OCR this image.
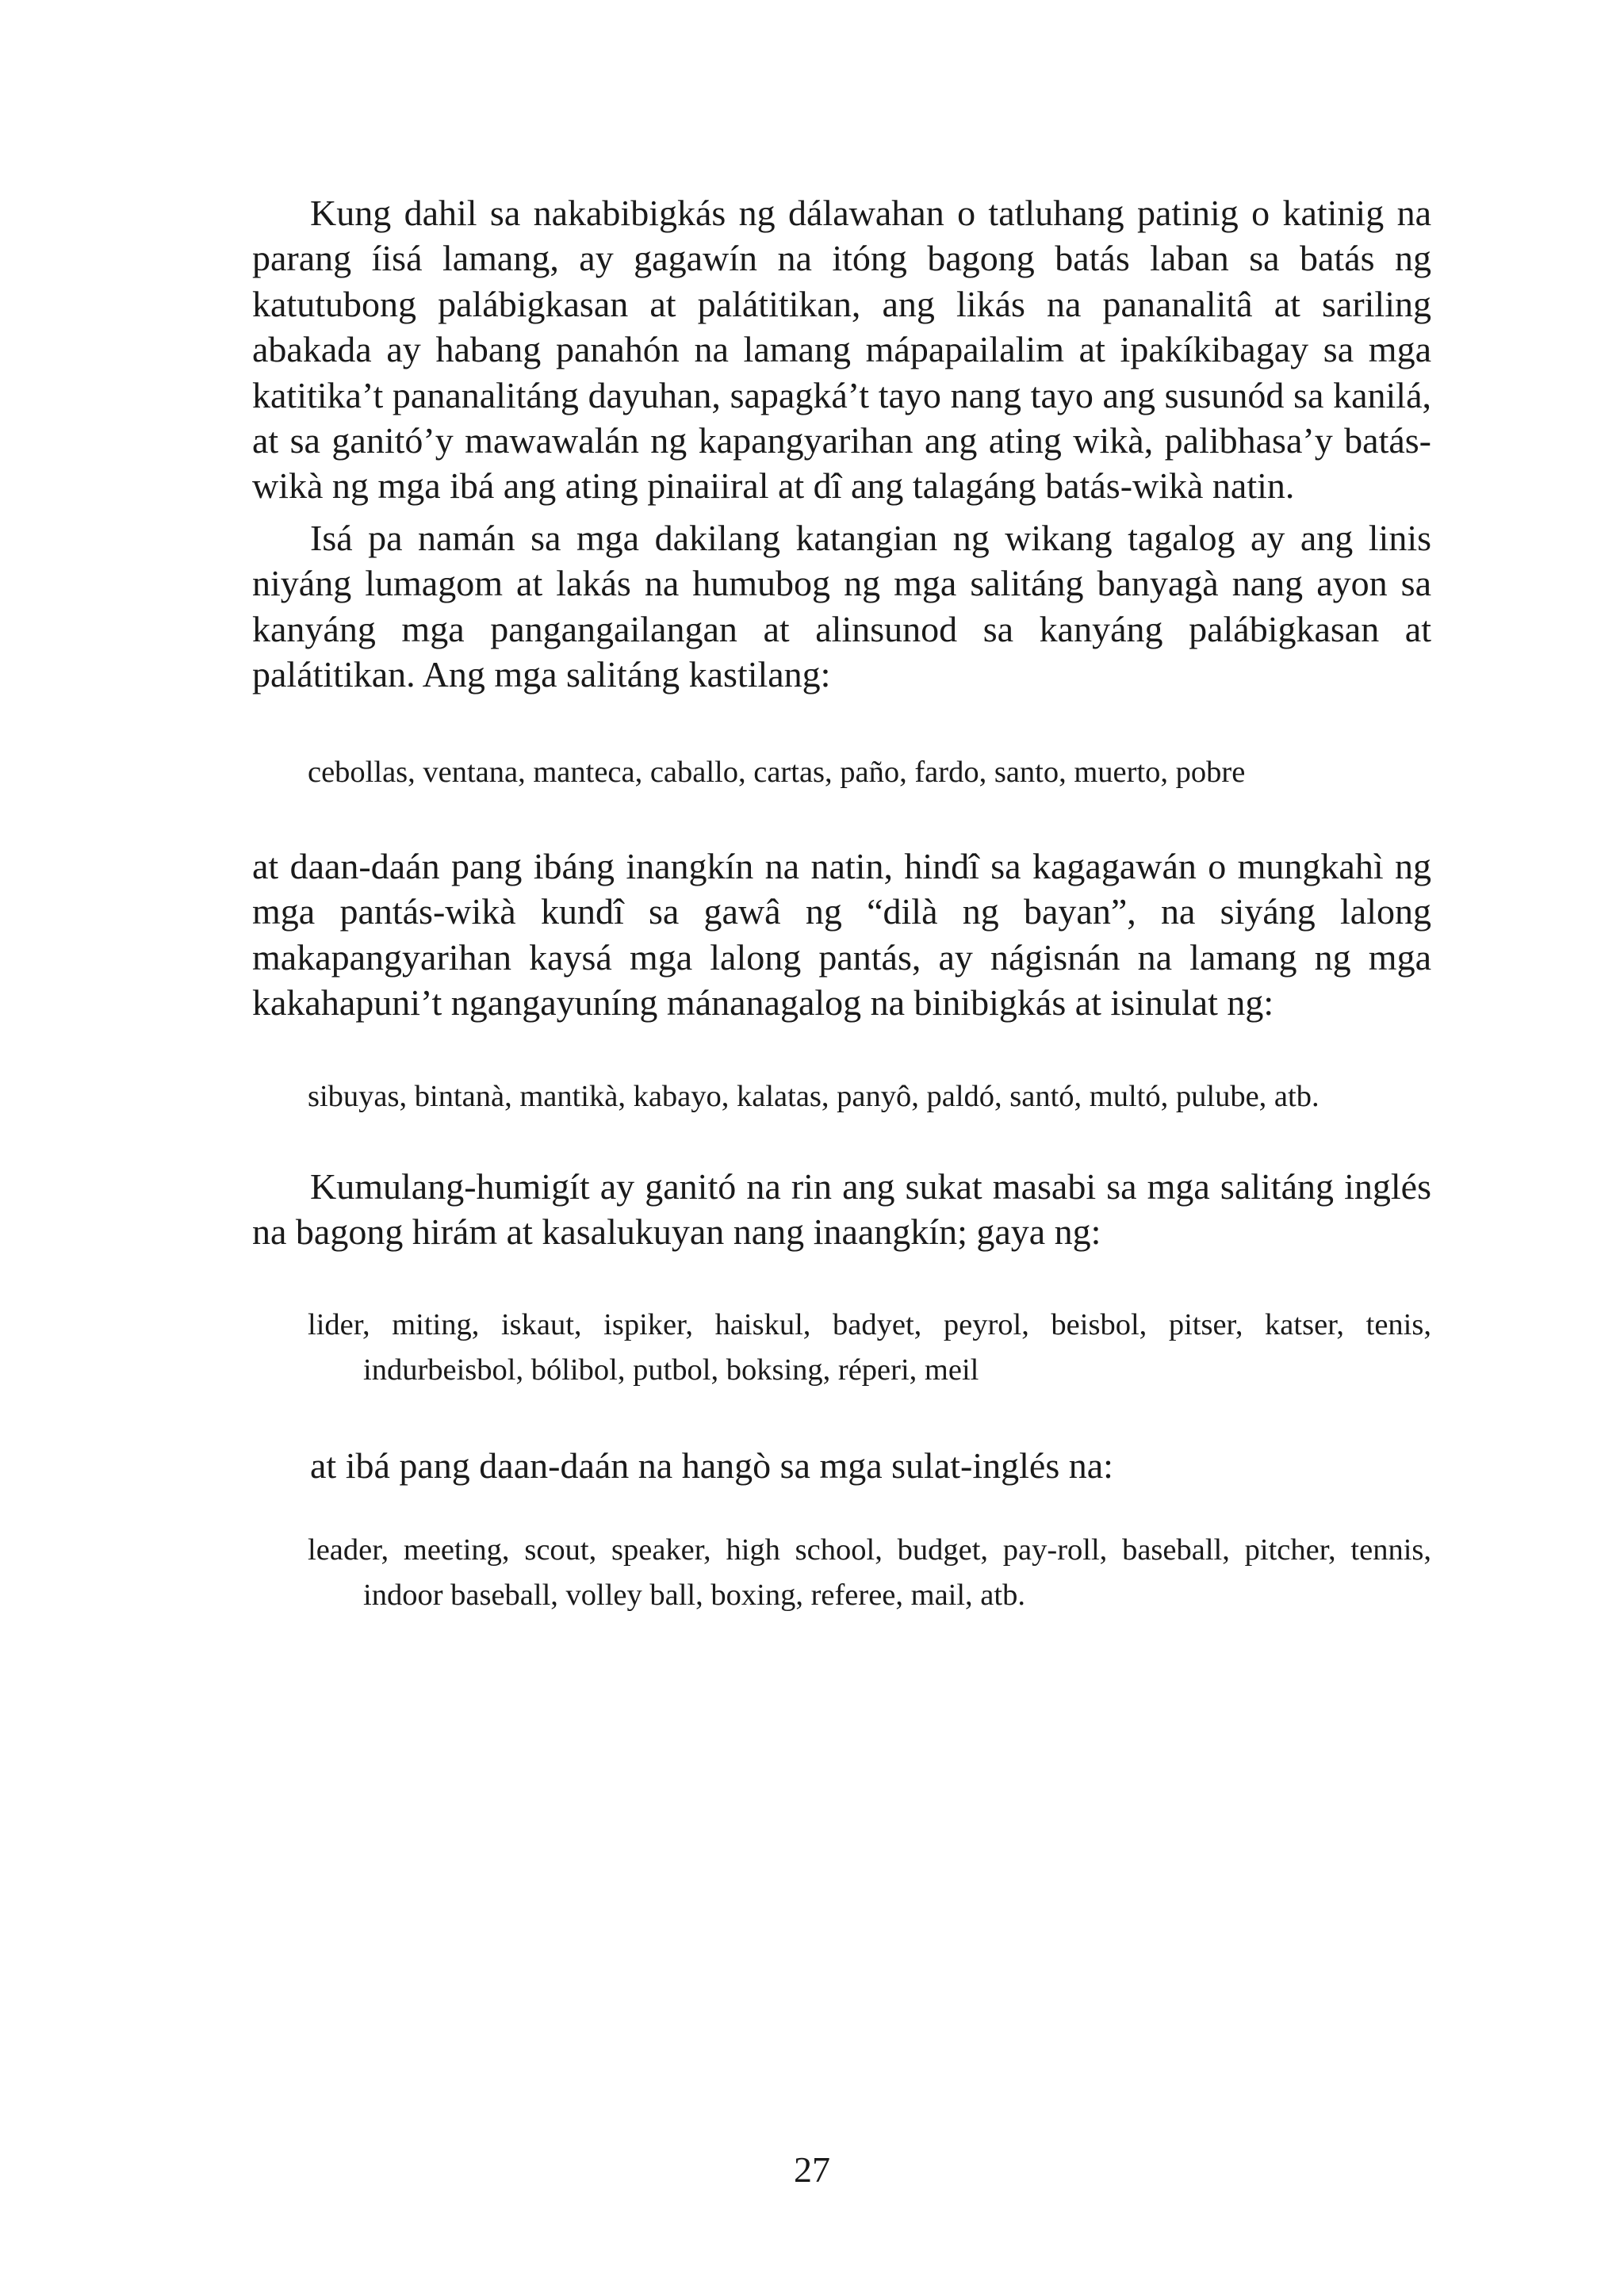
Kung dahil sa nakabibigkás ng dálawahan o tatluhang patinig o katinig na parang íisá lamang, ay gagawín na itóng bagong batás laban sa batás ng katutubong palábigkasan at palátitikan, ang likás na pananalitâ at sariling abakada ay habang panahón na lamang mápapailalim at ipakíkibagay sa mga katitika’t pananalitáng dayuhan, sapagká’t tayo nang tayo ang susunód sa kanilá, at sa ganitó’y mawawalán ng kapangyarihan ang ating wikà, palibhasa’y batás-wikà ng mga ibá ang ating pinaiiral at dî ang talagáng batás-wikà natin.

Isá pa namán sa mga dakilang katangian ng wikang tagalog ay ang linis niyáng lumagom at lakás na humubog ng mga salitáng banyagà nang ayon sa kanyáng mga pangangailangan at alinsunod sa kanyáng palábigkasan at palátitikan. Ang mga salitáng kastilang:

cebollas, ventana, manteca, caballo, cartas, paño, fardo, santo, muerto, pobre

at daan-daán pang ibáng inangkín na natin, hindî sa kagagawán o mungkahì ng mga pantás-wikà kundî sa gawâ ng “dilà ng bayan”, na siyáng lalong makapangyarihan kaysá mga lalong pantás, ay nágisnán na lamang ng mga kakahapuni’t ngangayuníng mánanagalog na binibigkás at isinulat ng:

sibuyas, bintanà, mantikà, kabayo, kalatas, panyô, paldó, santó, multó, pulube, atb.

Kumulang-humigít ay ganitó na rin ang sukat masabi sa mga salitáng inglés na bagong hirám at kasalukuyan nang inaangkín; gaya ng:

lider, miting, iskaut, ispiker, haiskul, badyet, peyrol, beisbol, pitser, katser, tenis, indurbeisbol, bólibol, putbol, boksing, réperi, meil

at ibá pang daan-daán na hangò sa mga sulat-inglés na:

leader, meeting, scout, speaker, high school, budget, pay-roll, baseball, pitcher, tennis, indoor baseball, volley ball, boxing, referee, mail, atb.

27
